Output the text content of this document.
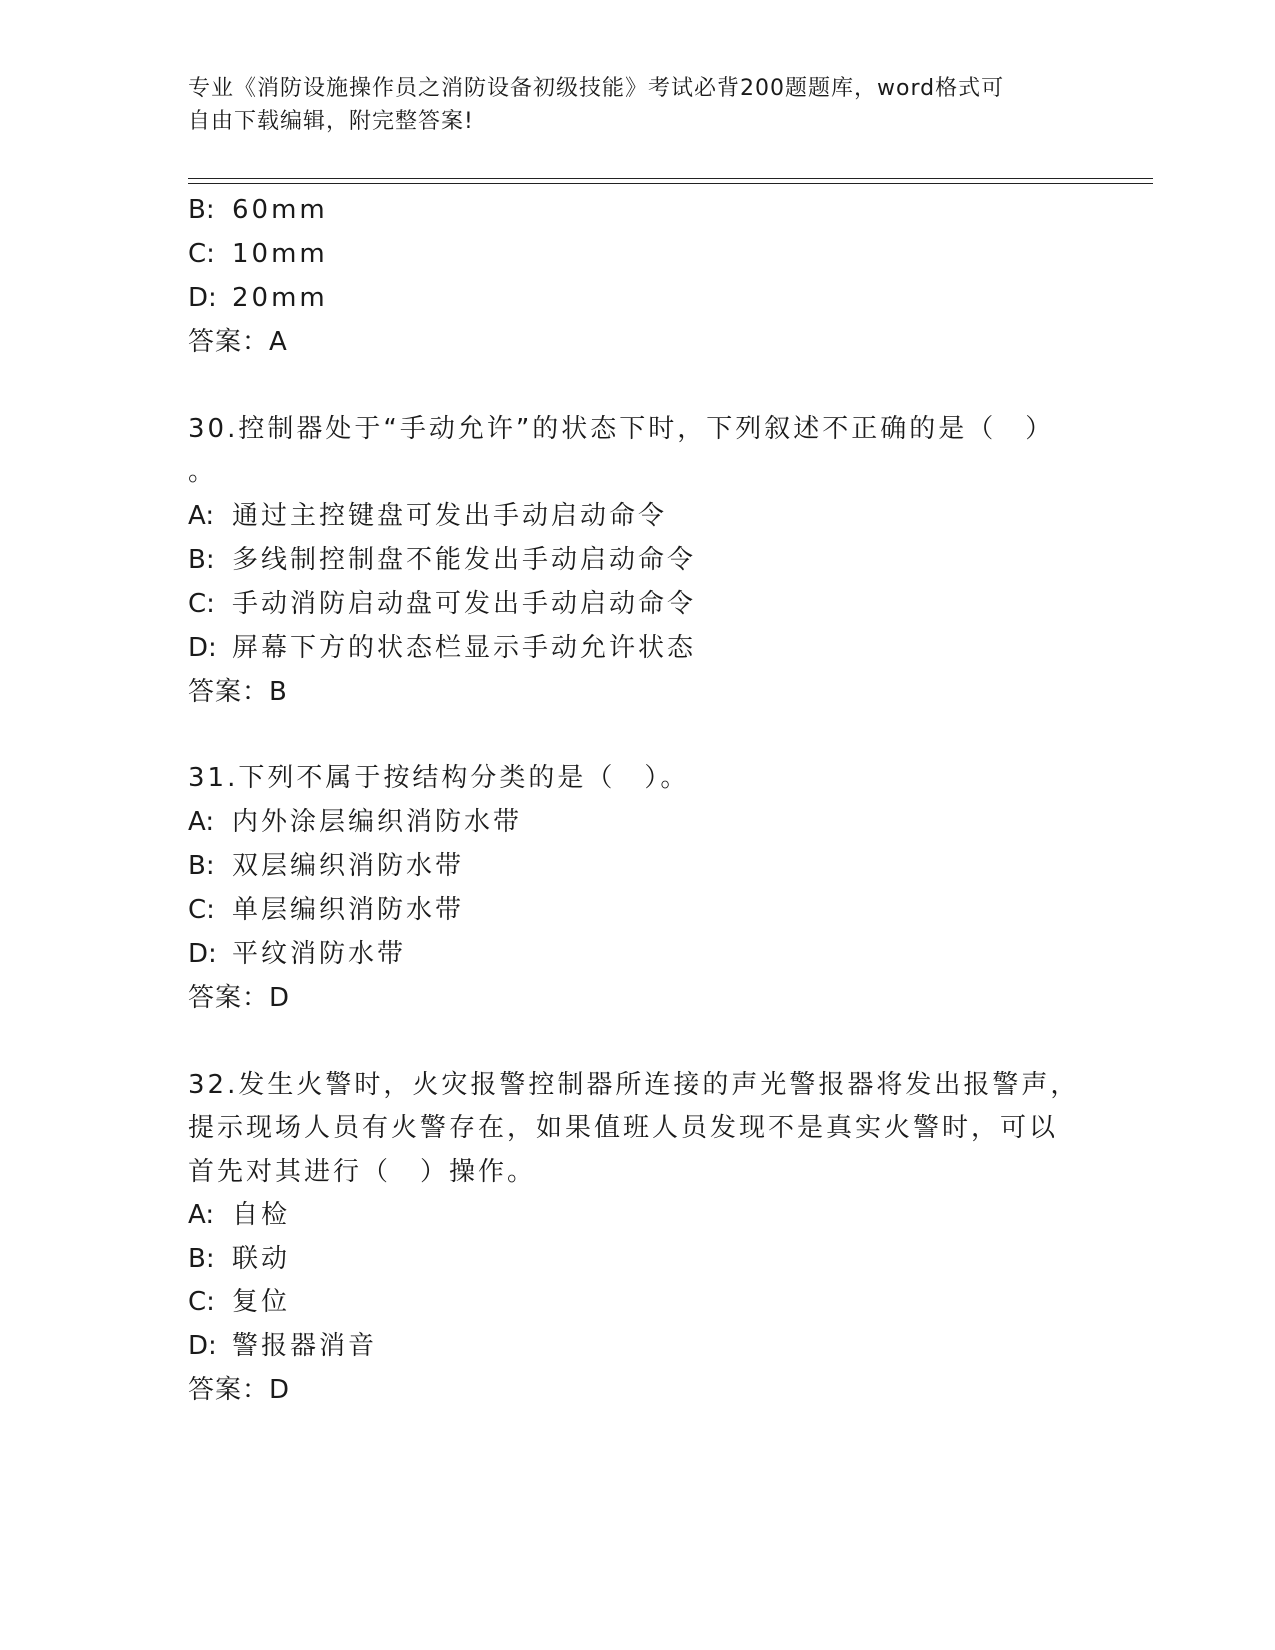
专业《消防设施操作员之消防设备初级技能》考试必背200题题库，word格式可
自由下载编辑，附完整答案!
B: 60mm
C: 10mm
D: 20mm
答案：A
30.控制器处于“手动允许”的状态下时，下列叙述不正确的是（　）
。
A: 通过主控键盘可发出手动启动命令
B: 多线制控制盘不能发出手动启动命令
C: 手动消防启动盘可发出手动启动命令
D: 屏幕下方的状态栏显示手动允许状态
答案：B
31.下列不属于按结构分类的是（　）。
A: 内外涂层编织消防水带
B: 双层编织消防水带
C: 单层编织消防水带
D: 平纹消防水带
答案：D
32.发生火警时，火灾报警控制器所连接的声光警报器将发出报警声，
提示现场人员有火警存在，如果值班人员发现不是真实火警时，可以
首先对其进行（　）操作。
A: 自检
B: 联动
C: 复位
D: 警报器消音
答案：D
